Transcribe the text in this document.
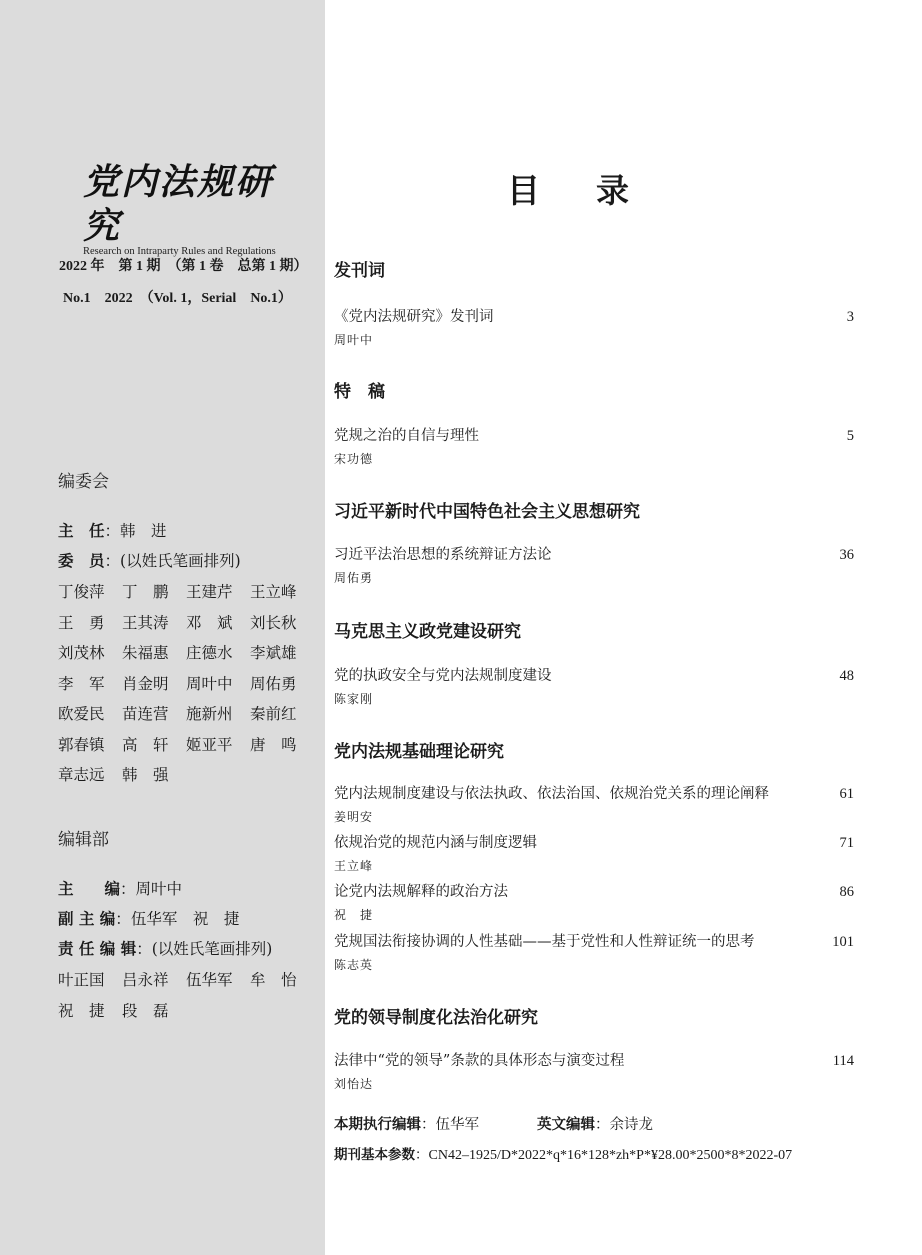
党内法规研究
Research on Intraparty Rules and Regulations
2022 年　第 1 期　（第 1 卷　总第 1 期）
No.1　2022　（Vol. 1，Serial　No.1）
编委会
主　任：韩　进
委　员：(以姓氏笔画排列)
丁俊萍	丁　鹏	王建芹	王立峰
王　勇	王其涛	邓　斌	刘长秋
刘茂林	朱福惠	庄德水	李斌雄
李　军	肖金明	周叶中	周佑勇
欧爱民	苗连营	施新州	秦前红
郭春镇	高　轩	姬亚平	唐　鸣
章志远	韩　强
编辑部
主　　编：周叶中
副 主 编：伍华军　祝　捷
责 任 编 辑：(以姓氏笔画排列)
叶正国	吕永祥	伍华军	牟　怡
祝　捷	段　磊
目录
发刊词
《党内法规研究》发刊词	3
周叶中
特　稿
党规之治的自信与理性	5
宋功德
习近平新时代中国特色社会主义思想研究
习近平法治思想的系统辩证方法论	36
周佑勇
马克思主义政党建设研究
党的执政安全与党内法规制度建设	48
陈家刚
党内法规基础理论研究
党内法规制度建设与依法执政、依法治国、依规治党关系的理论阐释	61
姜明安
依规治党的规范内涵与制度逻辑	71
王立峰
论党内法规解释的政治方法	86
祝　捷
党规国法衔接协调的人性基础——基于党性和人性辩证统一的思考	101
陈志英
党的领导制度化法治化研究
法律中“党的领导”条款的具体形态与演变过程	114
刘怡达
本期执行编辑：伍华军	英文编辑：余诗龙
期刊基本参数：CN42–1925/D*2022*q*16*128*zh*P*¥28.00*2500*8*2022-07
